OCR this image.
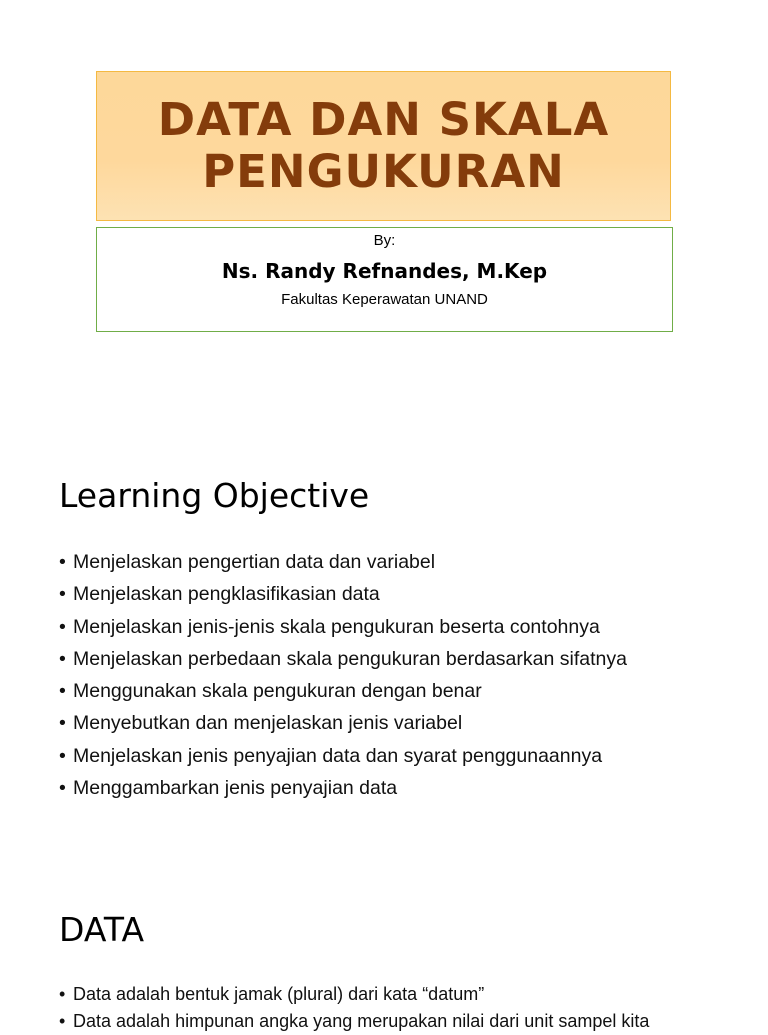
DATA DAN SKALA
PENGUKURAN
By:
Ns. Randy Refnandes, M.Kep
Fakultas Keperawatan UNAND
Learning Objective
• Menjelaskan pengertian data dan variabel
• Menjelaskan pengklasifikasian data
• Menjelaskan jenis-jenis skala pengukuran beserta contohnya
• Menjelaskan perbedaan skala pengukuran berdasarkan sifatnya
• Menggunakan skala pengukuran dengan benar
• Menyebutkan dan menjelaskan jenis variabel
• Menjelaskan jenis penyajian data dan syarat penggunaannya
• Menggambarkan jenis penyajian data
DATA
• Data adalah bentuk jamak (plural) dari kata “datum”
• Data adalah himpunan angka yang merupakan nilai dari unit sampel kita
